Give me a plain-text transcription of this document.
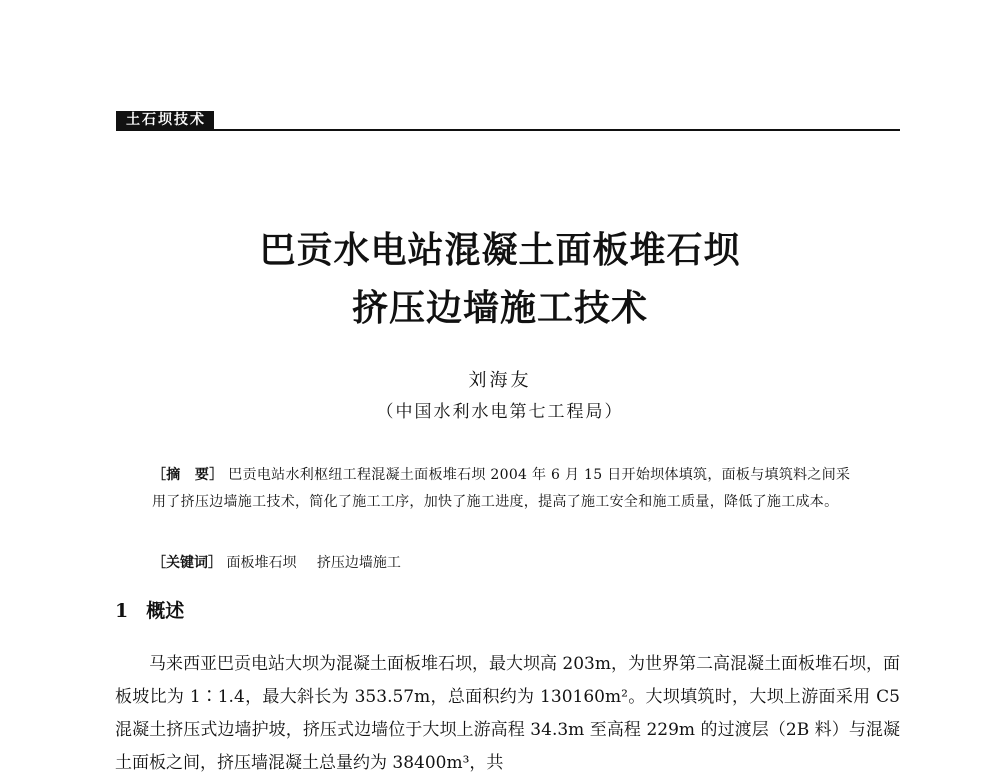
土石坝技术
巴贡水电站混凝土面板堆石坝
挤压边墙施工技术
刘海友
（中国水利水电第七工程局）
［摘　要］ 巴贡电站水利枢纽工程混凝土面板堆石坝 2004 年 6 月 15 日开始坝体填筑，面板与填筑料之间采用了挤压边墙施工技术，简化了施工工序，加快了施工进度，提高了施工安全和施工质量，降低了施工成本。
［关键词］ 面板堆石坝 挤压边墙施工
1 概述

马来西亚巴贡电站大坝为混凝土面板堆石坝，最大坝高 203m，为世界第二高混凝土面板堆石坝，面板坡比为 1∶1.4，最大斜长为 353.57m，总面积约为 130160m²。大坝填筑时，大坝上游面采用 C5 混凝土挤压式边墙护坡，挤压式边墙位于大坝上游高程 34.3m 至高程 229m 的过渡层（2B 料）与混凝土面板之间，挤压墙混凝土总量约为 38400m³，共
